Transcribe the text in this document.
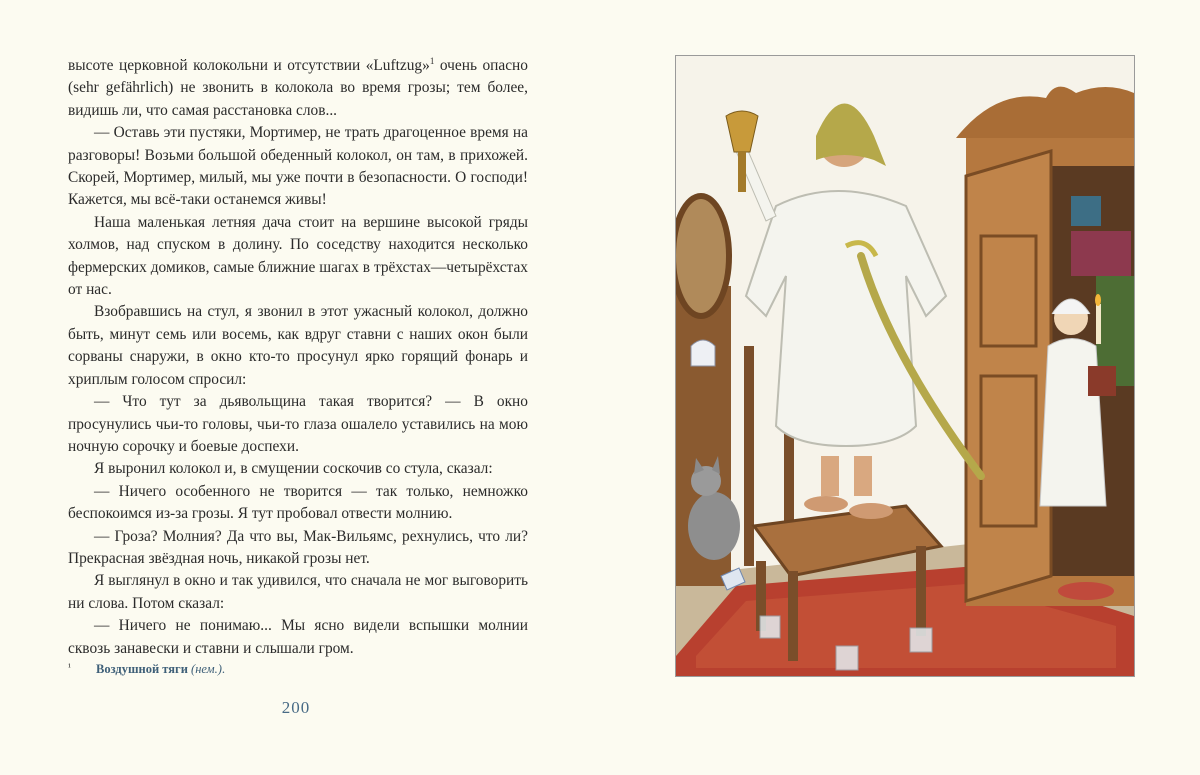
высоте церковной колокольни и отсутствии «Luftzug»$^1$ очень опасно (sehr gefährlich) не звонить в колокола во время грозы; тем более, видишь ли, что самая расстановка слов...

— Оставь эти пустяки, Мортимер, не трать драгоценное время на разговоры! Возьми большой обеденный колокол, он там, в прихожей. Скорей, Мортимер, милый, мы уже почти в безопасности. О господи! Кажется, мы всё-таки останемся живы!

Наша маленькая летняя дача стоит на вершине высокой гряды холмов, над спуском в долину. По соседству находится несколько фермерских домиков, самые ближние шагах в трёхстах—четырёхстах от нас.

Взобравшись на стул, я звонил в этот ужасный колокол, должно быть, минут семь или восемь, как вдруг ставни с наших окон были сорваны снаружи, в окно кто-то просунул ярко горящий фонарь и хриплым голосом спросил:

— Что тут за дьявольщина такая творится? — В окно просунулись чьи-то головы, чьи-то глаза ошалело уставились на мою ночную сорочку и боевые доспехи.

Я выронил колокол и, в смущении соскочив со стула, сказал:

— Ничего особенного не творится — так только, немножко беспокоимся из-за грозы. Я тут пробовал отвести молнию.

— Гроза? Молния? Да что вы, Мак-Вильямс, рехнулись, что ли? Прекрасная звёздная ночь, никакой грозы нет.

Я выглянул в окно и так удивился, что сначала не мог выговорить ни слова. Потом сказал:

— Ничего не понимаю... Мы ясно видели вспышки молнии сквозь занавески и ставни и слышали гром.

¹ Воздушной тяги (нем.).
200
